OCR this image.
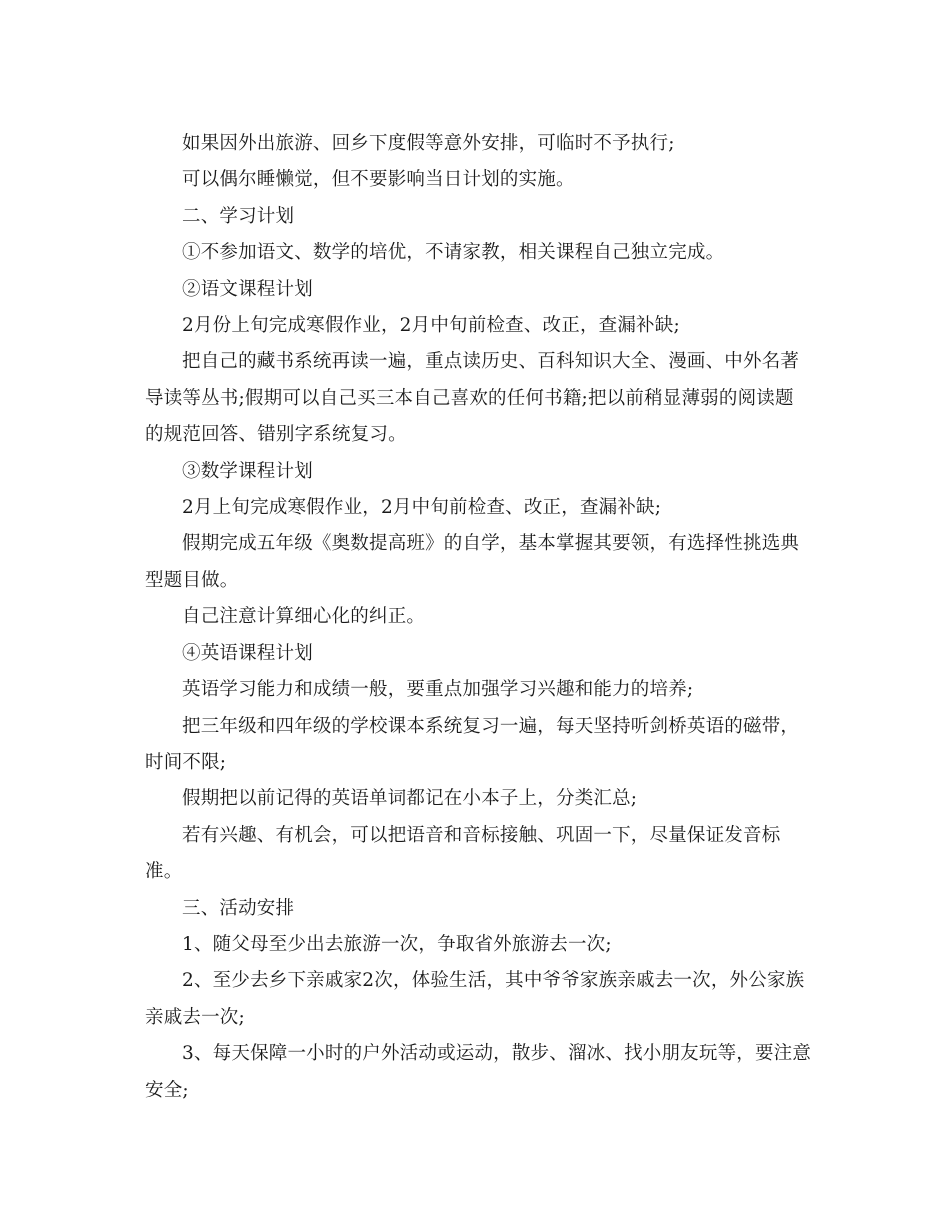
如果因外出旅游、回乡下度假等意外安排，可临时不予执行;

可以偶尔睡懒觉，但不要影响当日计划的实施。

二、学习计划

①不参加语文、数学的培优，不请家教，相关课程自己独立完成。

②语文课程计划

2月份上旬完成寒假作业，2月中旬前检查、改正，查漏补缺;

把自己的藏书系统再读一遍，重点读历史、百科知识大全、漫画、中外名著
导读等丛书;假期可以自己买三本自己喜欢的任何书籍;把以前稍显薄弱的阅读题
的规范回答、错别字系统复习。

③数学课程计划

2月上旬完成寒假作业，2月中旬前检查、改正，查漏补缺;

假期完成五年级《奥数提高班》的自学，基本掌握其要领，有选择性挑选典
型题目做。

自己注意计算细心化的纠正。

④英语课程计划

英语学习能力和成绩一般，要重点加强学习兴趣和能力的培养;

把三年级和四年级的学校课本系统复习一遍，每天坚持听剑桥英语的磁带，
时间不限;

假期把以前记得的英语单词都记在小本子上，分类汇总;

若有兴趣、有机会，可以把语音和音标接触、巩固一下，尽量保证发音标
准。

三、活动安排

1、随父母至少出去旅游一次，争取省外旅游去一次;

2、至少去乡下亲戚家2次，体验生活，其中爷爷家族亲戚去一次，外公家族
亲戚去一次;

3、每天保障一小时的户外活动或运动，散步、溜冰、找小朋友玩等，要注意
安全;
